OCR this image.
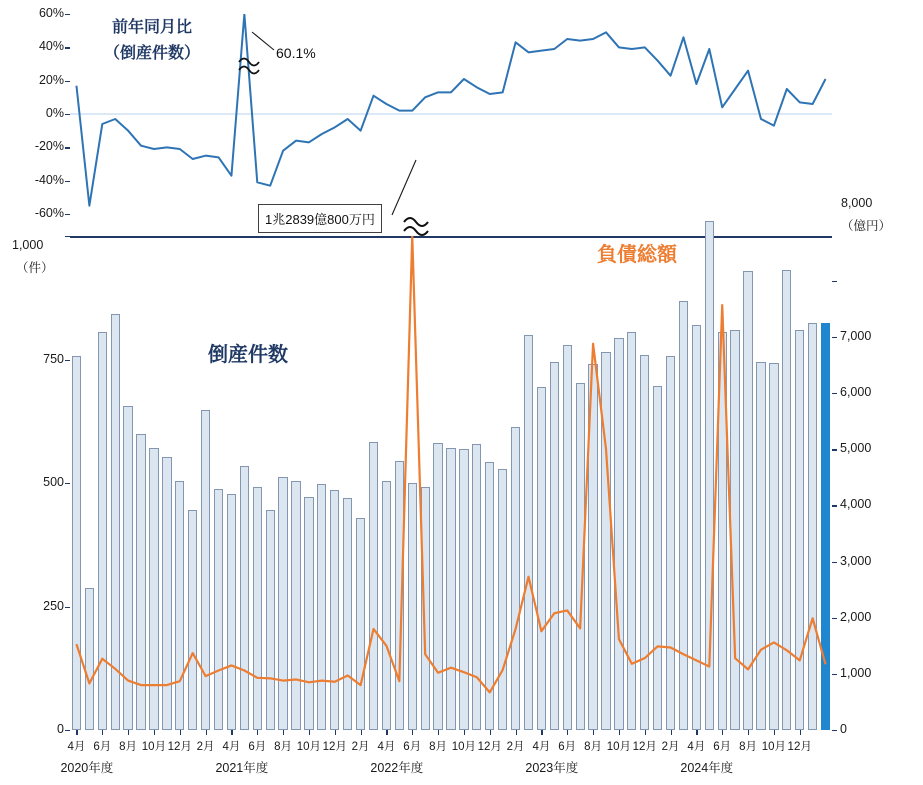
60%
40%
20%
0%
-20%
-40%
-60%
前年同月比
（倒産件数）	60.1%
1兆2839億800万円
750
500
250
0
7,000
6,000
5,000
4,000
3,000
2,000
1,000
0
4月 6月 8月 10月 12月 2月 4月 6月 8月 10月 12月 2月 4月 6月 8月 10月 12月 2月 4月 6月 8月 10月 12月 2月 4月 6月 8月 10月 12月
2020年度	2021年度	2022年度	2023年度	2024年度
1,000
（件）
8,000
（億円）
倒産件数
負債総額
